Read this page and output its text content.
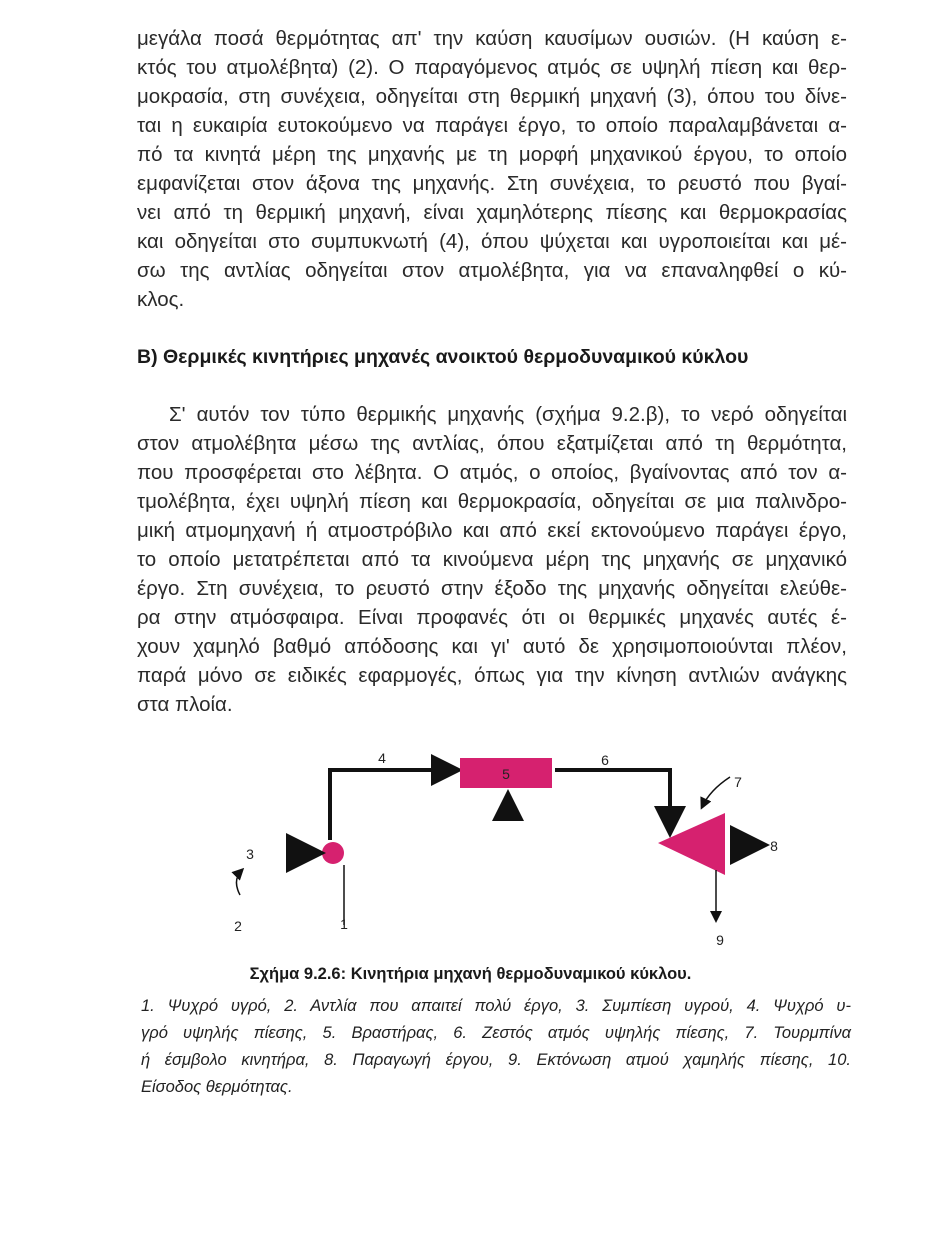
μεγάλα ποσά θερμότητας απ' την καύση καυσίμων ουσιών. (Η καύση ε-
κτός του ατμολέβητα) (2). Ο παραγόμενος ατμός σε υψηλή πίεση και θερ-
μοκρασία, στη συνέχεια, οδηγείται στη θερμική μηχανή (3), όπου του δίνε-
ται η ευκαιρία ευτοκούμενο να παράγει έργο, το οποίο παραλαμβάνεται α-
πό τα κινητά μέρη της μηχανής με τη μορφή μηχανικού έργου, το οποίο
εμφανίζεται στον άξονα της μηχανής. Στη συνέχεια, το ρευστό που βγαί-
νει από τη θερμική μηχανή, είναι χαμηλότερης πίεσης και θερμοκρασίας
και οδηγείται στο συμπυκνωτή (4), όπου ψύχεται και υγροποιείται και μέ-
σω της αντλίας οδηγείται στον ατμολέβητα, για να επαναληφθεί ο κύ-
κλος.

Β) Θερμικές κινητήριες μηχανές ανοικτού θερμοδυναμικού κύκλου

Σ' αυτόν τον τύπο θερμικής μηχανής (σχήμα 9.2.β), το νερό οδηγείται
στον ατμολέβητα μέσω της αντλίας, όπου εξατμίζεται από τη θερμότητα,
που προσφέρεται στο λέβητα. Ο ατμός, ο οποίος, βγαίνοντας από τον α-
τμολέβητα, έχει υψηλή πίεση και θερμοκρασία, οδηγείται σε μια παλινδρο-
μική ατμομηχανή ή ατμοστρόβιλο και από εκεί εκτονούμενο παράγει έργο,
το οποίο μετατρέπεται από τα κινούμενα μέρη της μηχανής σε μηχανικό
έργο. Στη συνέχεια, το ρευστό στην έξοδο της μηχανής οδηγείται ελεύθε-
ρα στην ατμόσφαιρα. Είναι προφανές ότι οι θερμικές μηχανές αυτές έ-
χουν χαμηλό βαθμό απόδοσης και γι' αυτό δε χρησιμοποιούνται πλέον,
παρά μόνο σε ειδικές εφαρμογές, όπως για την κίνηση αντλιών ανάγκης
στα πλοία.

5
4	6
7
8
9
3
2	1
Σχήμα 9.2.6: Κινητήρια μηχανή θερμοδυναμικού κύκλου.
1. Ψυχρό υγρό, 2. Αντλία που απαιτεί πολύ έργο, 3. Συμπίεση υγρού, 4. Ψυχρό υ-
γρό υψηλής πίεσης, 5. Βραστήρας, 6. Ζεστός ατμός υψηλής πίεσης, 7. Τουρμπίνα
ή έσμβολο κινητήρα, 8. Παραγωγή έργου, 9. Εκτόνωση ατμού χαμηλής πίεσης, 10.
Είσοδος θερμότητας.
